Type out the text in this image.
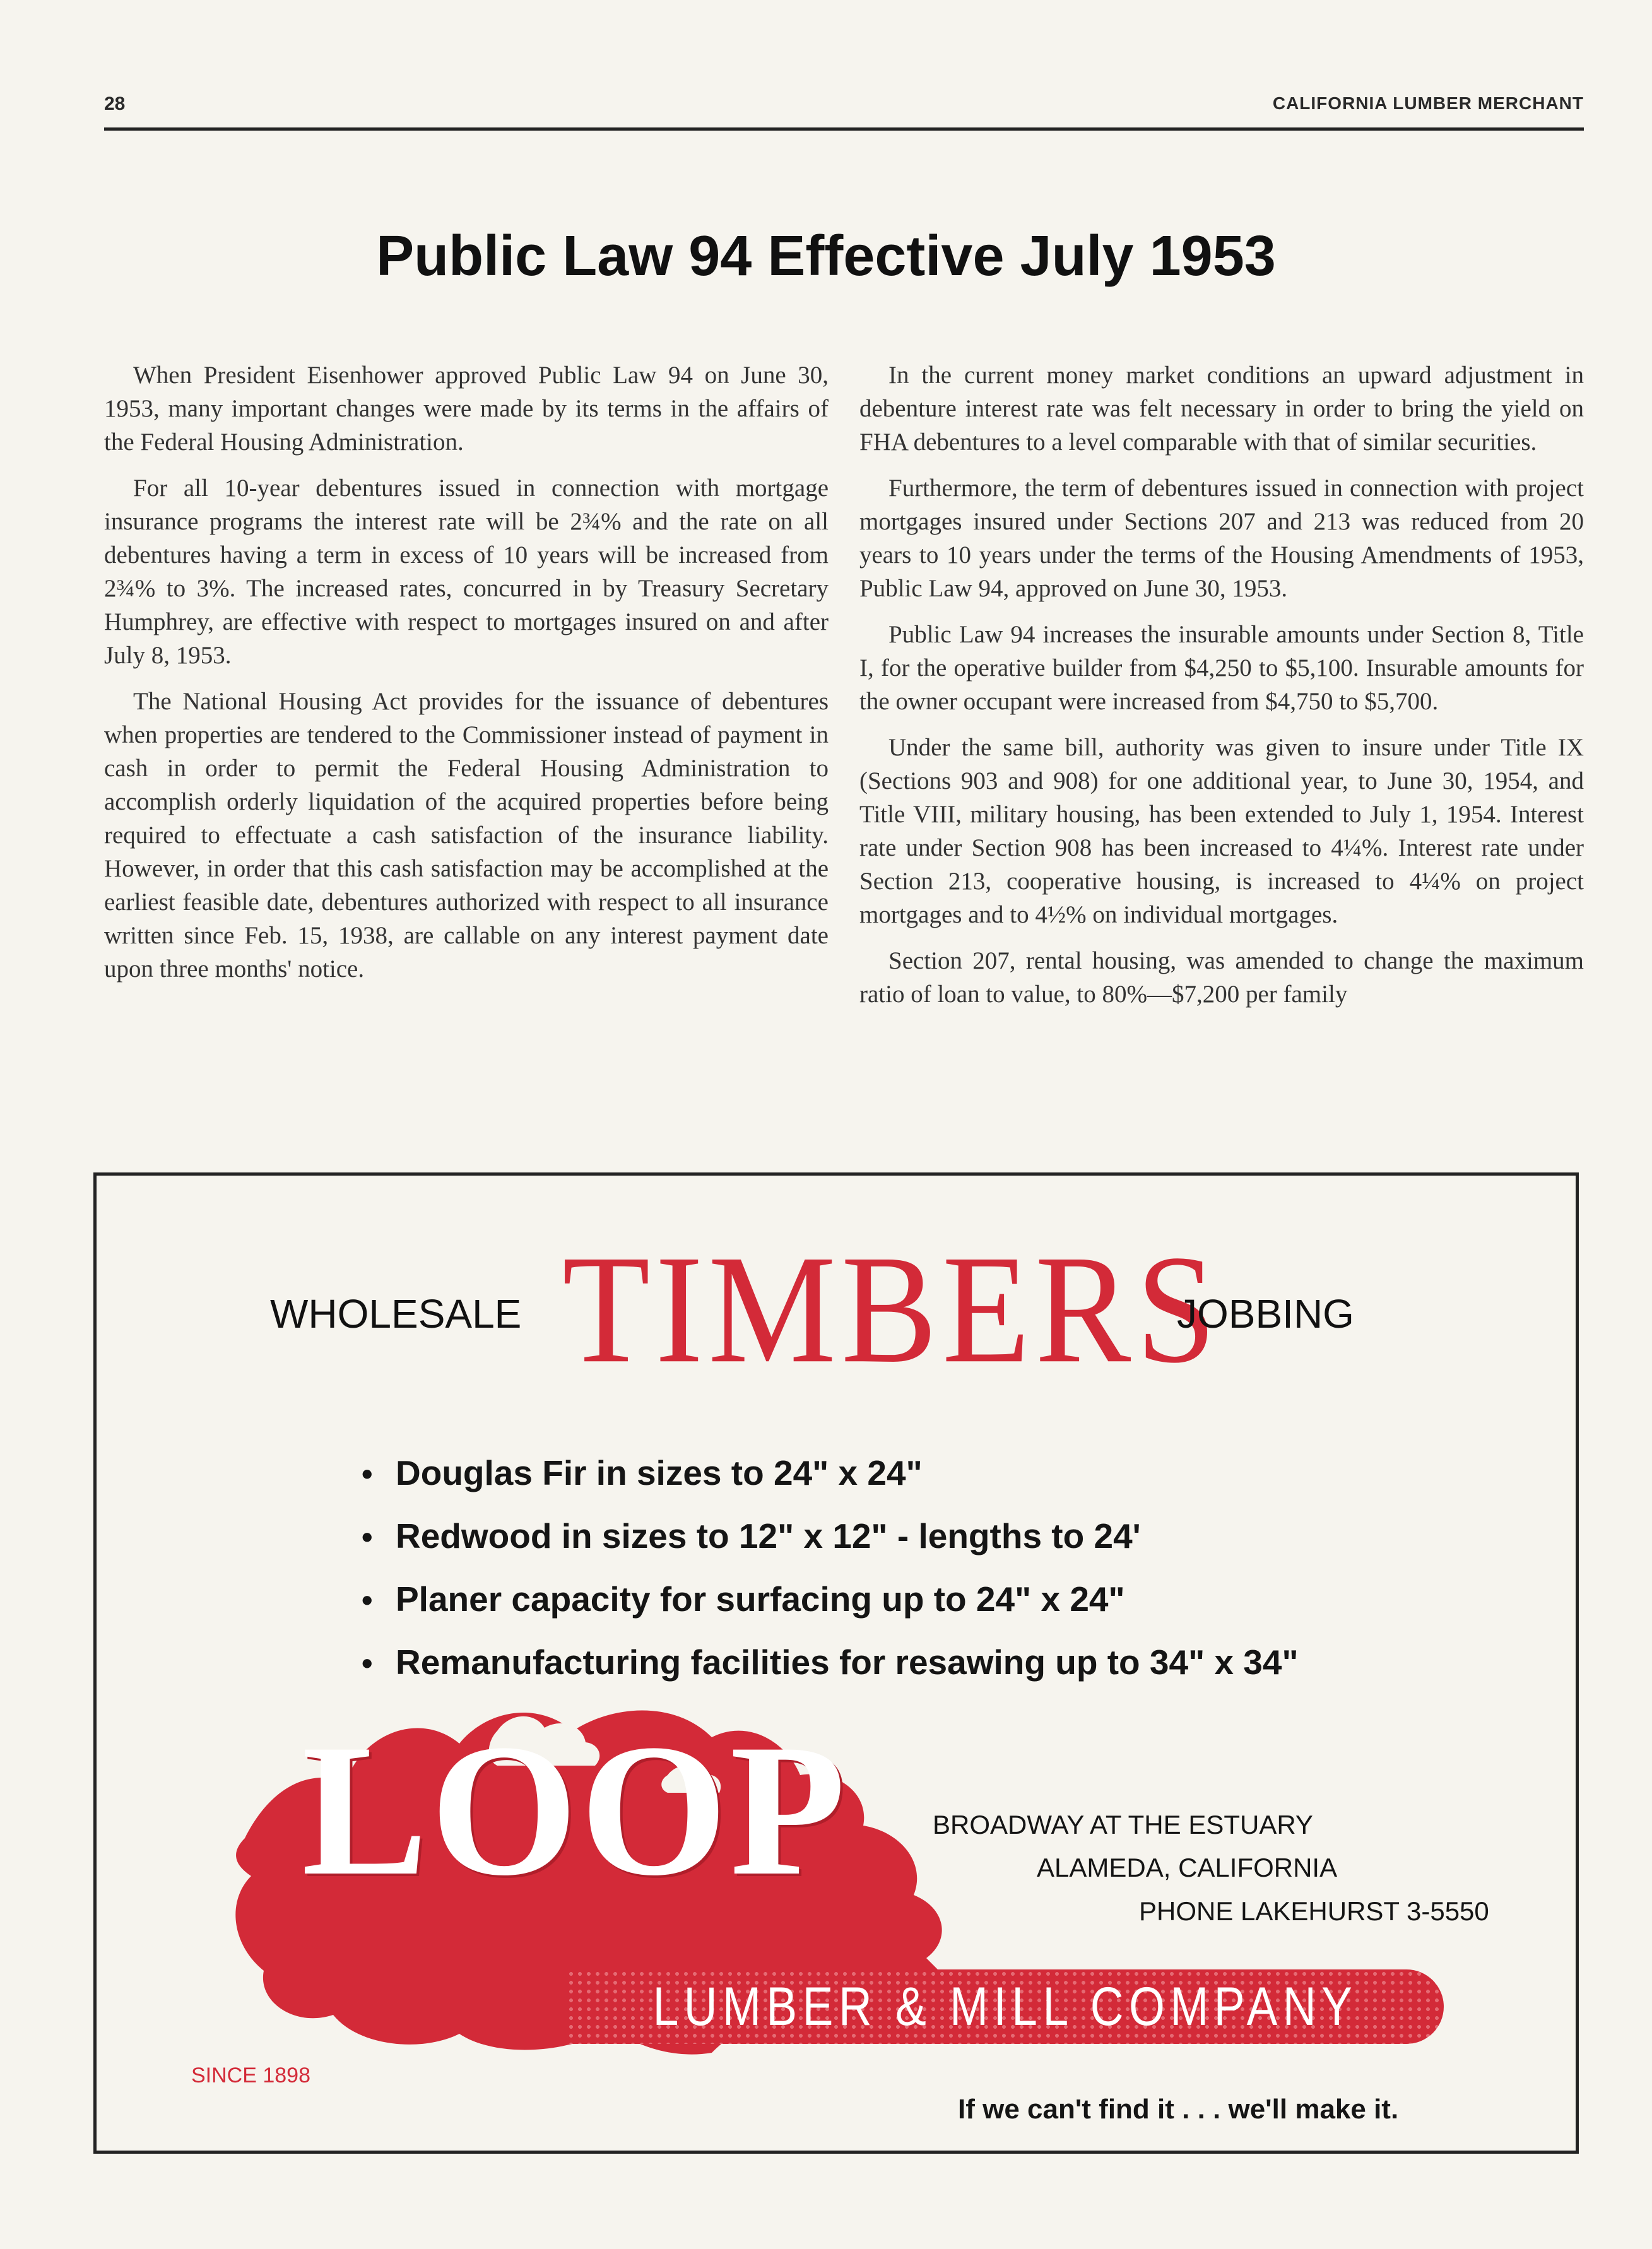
28	CALIFORNIA LUMBER MERCHANT
Public Law 94 Effective July 1953

When President Eisenhower approved Public Law 94 on June 30, 1953, many important changes were made by its terms in the affairs of the Federal Housing Administration.

For all 10-year debentures issued in connection with mortgage insurance programs the interest rate will be 2¾% and the rate on all debentures having a term in excess of 10 years will be increased from 2¾% to 3%. The increased rates, concurred in by Treasury Secretary Humphrey, are effective with respect to mortgages insured on and after July 8, 1953.

The National Housing Act provides for the issuance of debentures when properties are tendered to the Commissioner instead of payment in cash in order to permit the Federal Housing Administration to accomplish orderly liquidation of the acquired properties before being required to effectuate a cash satisfaction of the insurance liability. However, in order that this cash satisfaction may be accomplished at the earliest feasible date, debentures authorized with respect to all insurance written since Feb. 15, 1938, are callable on any interest payment date upon three months' notice.

In the current money market conditions an upward adjustment in debenture interest rate was felt necessary in order to bring the yield on FHA debentures to a level comparable with that of similar securities.

Furthermore, the term of debentures issued in connection with project mortgages insured under Sections 207 and 213 was reduced from 20 years to 10 years under the terms of the Housing Amendments of 1953, Public Law 94, approved on June 30, 1953.

Public Law 94 increases the insurable amounts under Section 8, Title I, for the operative builder from $4,250 to $5,100. Insurable amounts for the owner occupant were increased from $4,750 to $5,700.

Under the same bill, authority was given to insure under Title IX (Sections 903 and 908) for one additional year, to June 30, 1954, and Title VIII, military housing, has been extended to July 1, 1954. Interest rate under Section 908 has been increased to 4¼%. Interest rate under Section 213, cooperative housing, is increased to 4¼% on project mortgages and to 4½% on individual mortgages.

Section 207, rental housing, was amended to change the maximum ratio of loan to value, to 80%—$7,200 per family

WHOLESALE TIMBERS
JOBBING
• Douglas Fir in sizes to 24" x 24"
• Redwood in sizes to 12" x 12" - lengths to 24'
• Planer capacity for surfacing up to 24" x 24"
• Remanufacturing facilities for resawing up to 34" x 34"
LOOP
LUMBER & MILL COMPANY
BROADWAY AT THE ESTUARY
ALAMEDA, CALIFORNIA
PHONE LAKEHURST 3-5550
SINCE 1898
If we can't find it . . . we'll make it.
